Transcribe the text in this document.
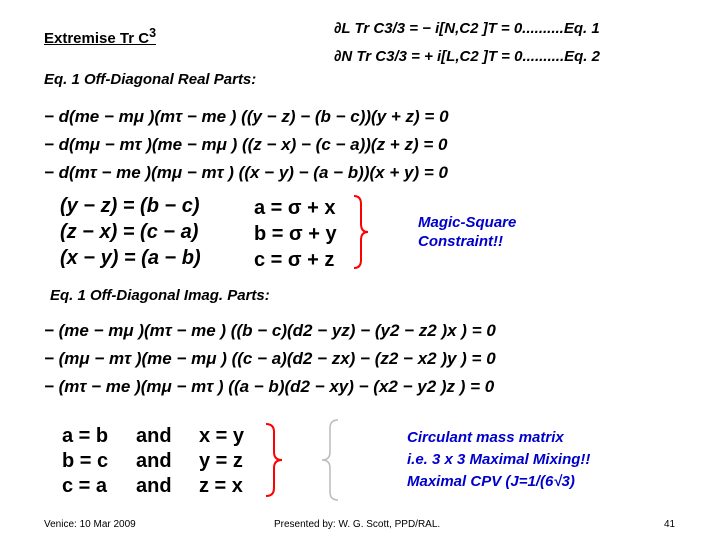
Extremise Tr $C^3$	∂L Tr C3/3 = − i[N,C2 ]T = 0..........Eq. 1
∂N Tr C3/3 = + i[L,C2 ]T = 0..........Eq. 2
Eq. 1 Off-Diagonal Real Parts:
− d(me − mμ )(mτ − me ) ((y − z) − (b − c))(y + z) = 0
− d(mμ − mτ )(me − mμ ) ((z − x) − (c − a))(z + z) = 0
− d(mτ − me )(mμ − mτ ) ((x − y) − (a − b))(x + y) = 0
(y − z) = (b − c)
(z − x) = (c − a)
(x − y) = (a − b)
a = σ + x
b = σ + y
c = σ + z
Magic-Square
Constraint!!
Eq. 1 Off-Diagonal Imag. Parts:
− (me − mμ )(mτ − me ) ((b − c)(d2 − yz) − (y2 − z2 )x ) = 0
− (mμ − mτ )(me − mμ ) ((c − a)(d2 − zx) − (z2 − x2 )y ) = 0
− (mτ − me )(mμ − mτ ) ((a − b)(d2 − xy) − (x2 − y2 )z ) = 0
a = b and x = y
b = c and y = z
c = a and z = x
Circulant mass matrix
i.e. 3 x 3 Maximal Mixing!!
Maximal CPV (J=1/(6√3)
Venice: 10 Mar 2009	Presented by: W. G. Scott, PPD/RAL.	41
